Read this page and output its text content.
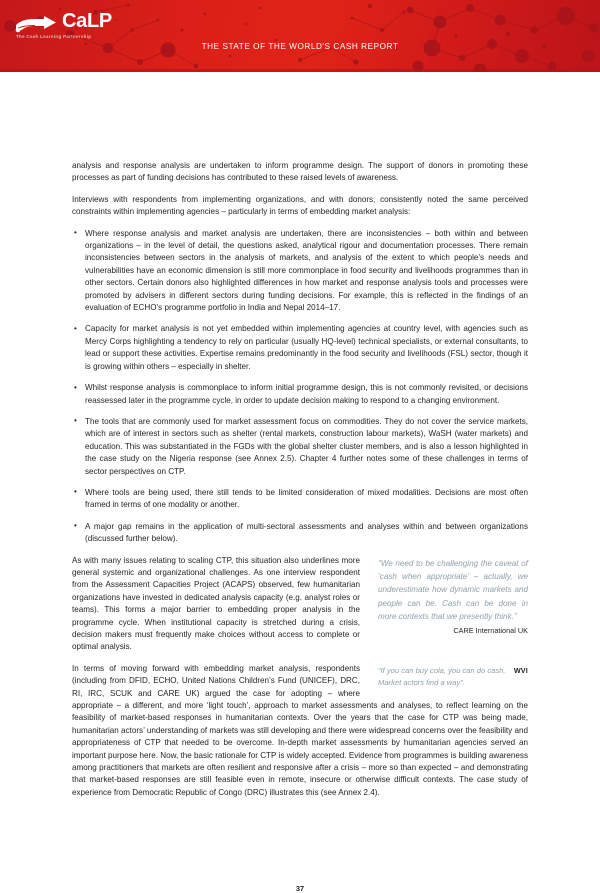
CaLP
The Cash Learning Partnership
THE STATE OF THE WORLD'S CASH REPORT

analysis and response analysis are undertaken to inform programme design. The support of donors in promoting these processes as part of funding decisions has contributed to these raised levels of awareness.

Interviews with respondents from implementing organizations, and with donors, consistently noted the same perceived constraints within implementing agencies – particularly in terms of embedding market analysis:

• Where response analysis and market analysis are undertaken, there are inconsistencies – both within and between organizations – in the level of detail, the questions asked, analytical rigour and documentation processes. There remain inconsistencies between sectors in the analysis of markets, and analysis of the extent to which people’s needs and vulnerabilities have an economic dimension is still more commonplace in food security and livelihoods programmes than in other sectors. Certain donors also highlighted differences in how market and response analysis tools and processes were promoted by advisers in different sectors during funding decisions. For example, this is reflected in the findings of an evaluation of ECHO’s programme portfolio in India and Nepal 2014–17.
• Capacity for market analysis is not yet embedded within implementing agencies at country level, with agencies such as Mercy Corps highlighting a tendency to rely on particular (usually HQ-level) technical specialists, or external consultants, to lead or support these activities. Expertise remains predominantly in the food security and livelihoods (FSL) sector, though it is growing within others – especially in shelter.
• Whilst response analysis is commonplace to inform initial programme design, this is not commonly revisited, or decisions reassessed later in the programme cycle, in order to update decision making to respond to a changing environment.
• The tools that are commonly used for market assessment focus on commodities. They do not cover the service markets, which are of interest in sectors such as shelter (rental markets, construction labour markets), WaSH (water markets) and education. This was substantiated in the FGDs with the global shelter cluster members, and is also a lesson highlighted in the case study on the Nigeria response (see Annex 2.5). Chapter 4 further notes some of these challenges in terms of sector perspectives on CTP.
• Where tools are being used, there still tends to be limited consideration of mixed modalities. Decisions are most often framed in terms of one modality or another.
• A major gap remains in the application of multi-sectoral assessments and analyses within and between organizations (discussed further below).
“We need to be challenging the caveat of ‘cash when appropriate’ – actually, we underestimate how dynamic markets and people can be. Cash can be done in more contexts that we presently think.”
CARE International UK

As with many issues relating to scaling CTP, this situation also underlines more general systemic and organizational challenges. As one interview respondent from the Assessment Capacities Project (ACAPS) observed, few humanitarian organizations have invested in dedicated analysis capacity (e.g. analyst roles or teams). This forms a major barrier to embedding proper analysis in the programme cycle. When institutional capacity is stretched during a crisis, decision makers must frequently make choices without access to complete or optimal analysis.

WVI
“If you can buy cola, you can do cash. Market actors find a way”.

In terms of moving forward with embedding market analysis, respondents (including from DFID, ECHO, United Nations Children’s Fund (UNICEF), DRC, RI, IRC, SCUK and CARE UK) argued the case for adopting – where appropriate – a different, and more ‘light touch’, approach to market assessments and analyses, to reflect learning on the feasibility of market-based responses in humanitarian contexts. Over the years that the case for CTP was being made, humanitarian actors’ understanding of markets was still developing and there were widespread concerns over the feasibility and appropriateness of CTP that needed to be overcome. In-depth market assessments by humanitarian agencies served an important purpose here. Now, the basic rationale for CTP is widely accepted. Evidence from programmes is building awareness among practitioners that markets are often resilient and responsive after a crisis – more so than expected – and demonstrating that market-based responses are still feasible even in remote, insecure or otherwise difficult contexts. The case study of experience from Democratic Republic of Congo (DRC) illustrates this (see Annex 2.4).

37
